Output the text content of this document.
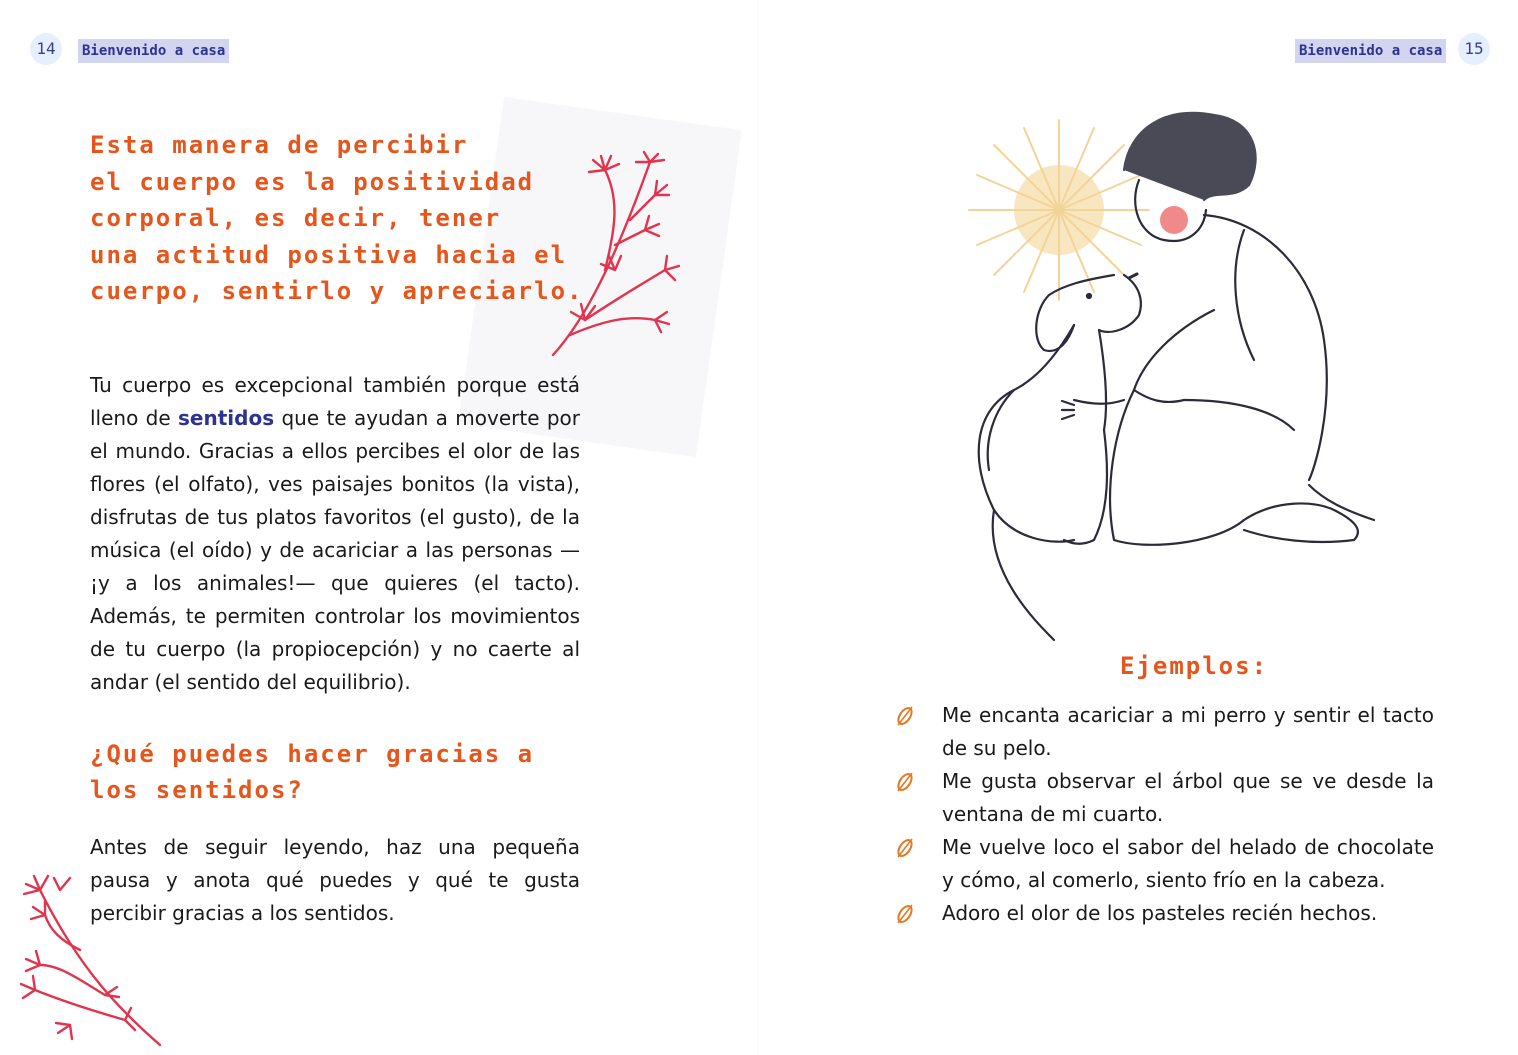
14	Bienvenido a casa
Esta manera de percibir
el cuerpo es la positividad
corporal, es decir, tener
una actitud positiva hacia el
cuerpo, sentirlo y apreciarlo.
Tu cuerpo es excepcional también porque está lleno de sentidos que te ayudan a moverte por el mundo. Gracias a ellos percibes el olor de las flores (el olfato), ves paisajes bonitos (la vista), disfrutas de tus platos favoritos (el gusto), de la música (el oído) y de acariciar a las personas —¡y a los animales!— que quieres (el tacto). Además, te permiten controlar los movimientos de tu cuerpo (la propiocepción) y no caerte al andar (el sentido del equilibrio).
¿Qué puedes hacer gracias a los sentidos?
Antes de seguir leyendo, haz una pequeña pausa y anota qué puedes y qué te gusta percibir gracias a los sentidos.
Bienvenido a casa	15
Ejemplos:
Me encanta acariciar a mi perro y sentir el tacto de su pelo.
Me gusta observar el árbol que se ve desde la ventana de mi cuarto.
Me vuelve loco el sabor del helado de chocolate y cómo, al comerlo, siento frío en la cabeza.
Adoro el olor de los pasteles recién hechos.
